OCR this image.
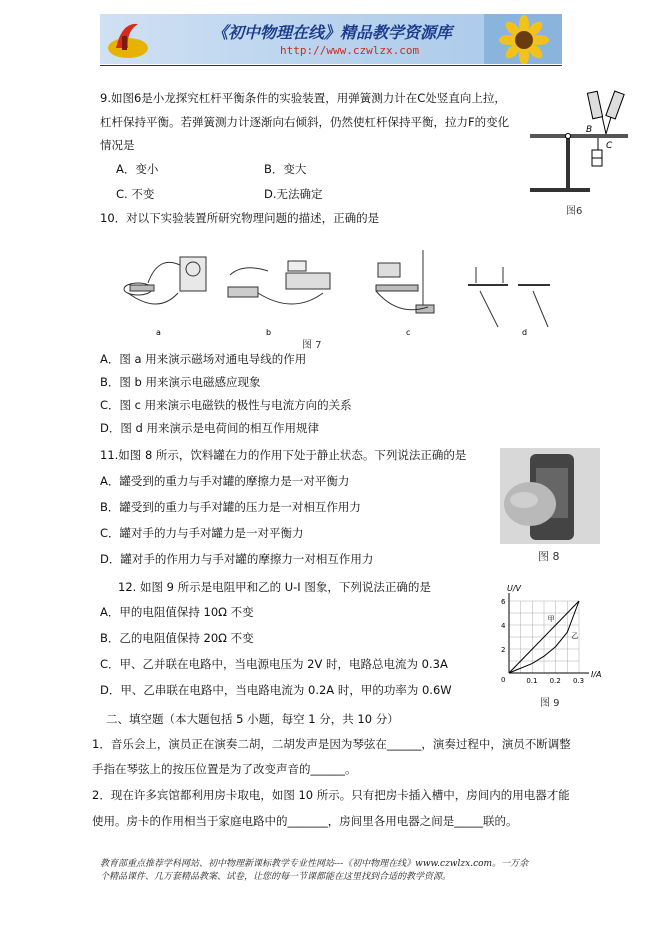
《初中物理在线》精品教学资源库
http://www.czwlzx.com
9.如图6是小龙探究杠杆平衡条件的实验装置，用弹簧测力计在C处竖直向上拉，
杠杆保持平衡。若弹簧测力计逐渐向右倾斜，仍然使杠杆保持平衡，拉力F的变化
情况是
A．变小	B．变大
C. 不变	D.无法确定
B
C
图6
10．对以下实验装置所研究物理问题的描述，正确的是
a	b	c	d
图 7
A．图 a 用来演示磁场对通电导线的作用
B．图 b 用来演示电磁感应现象
C．图 c 用来演示电磁铁的极性与电流方向的关系
D．图 d 用来演示是电荷间的相互作用规律
11.如图 8 所示，饮料罐在力的作用下处于静止状态。下列说法正确的是
A．罐受到的重力与手对罐的摩擦力是一对平衡力
B．罐受到的重力与手对罐的压力是一对相互作用力
C．罐对手的力与手对罐力是一对平衡力
D．罐对手的作用力与手对罐的摩擦力一对相互作用力	图 8
12. 如图 9 所示是电阻甲和乙的 U-I 图象，下列说法正确的是
A．甲的电阻值保持 10Ω 不变
B．乙的电阻值保持 20Ω 不变
C．甲、乙并联在电路中，当电源电压为 2V 时，电路总电流为 0.3A
D．甲、乙串联在电路中，当电路电流为 0.2A 时，甲的功率为 0.6W
甲
乙
0.1 0.2 0.3
2
4
6
U/V
I/A
0
图 9
二、填空题（本大题包括 5 小题，每空 1 分，共 10 分）
1．音乐会上，演员正在演奏二胡，二胡发声是因为琴弦在______，演奏过程中，演员不断调整
手指在琴弦上的按压位置是为了改变声音的______。
2．现在许多宾馆都利用房卡取电，如图 10 所示。只有把房卡插入槽中，房间内的用电器才能
使用。房卡的作用相当于家庭电路中的_______，房间里各用电器之间是_____联的。
教育部重点推荐学科网站、初中物理新课标教学专业性网站---《初中物理在线》www.czwlzx.com。一万余
个精品课件、几万套精品教案、试卷，让您的每一节课都能在这里找到合适的教学资源。
